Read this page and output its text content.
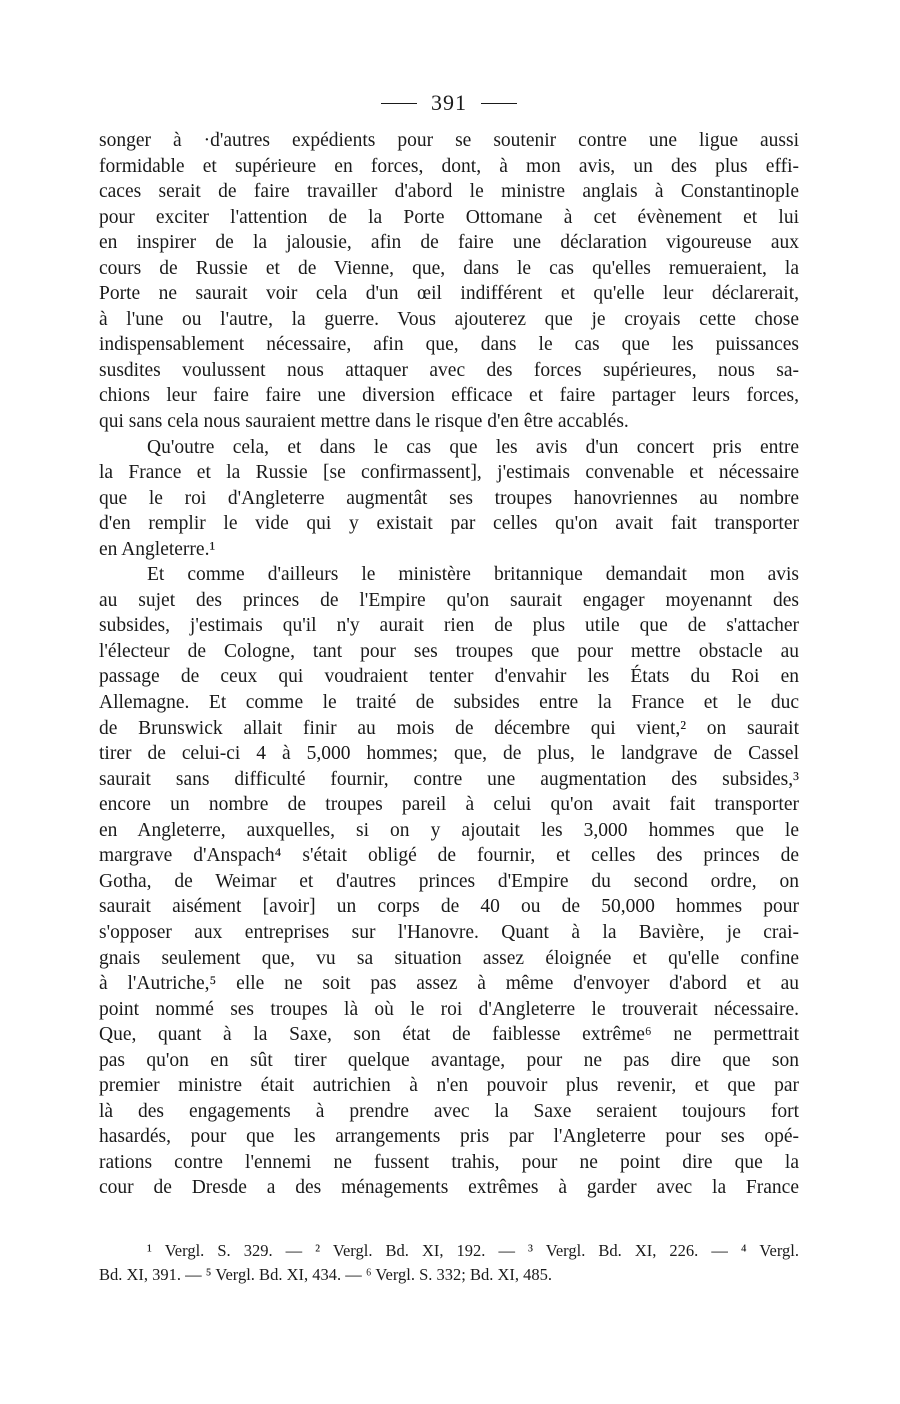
391
songer à ·d'autres expédients pour se soutenir contre une ligue aussi
formidable et supérieure en forces, dont, à mon avis, un des plus effi-
caces serait de faire travailler d'abord le ministre anglais à Constantinople
pour exciter l'attention de la Porte Ottomane à cet évènement et lui
en inspirer de la jalousie, afin de faire une déclaration vigoureuse aux
cours de Russie et de Vienne, que, dans le cas qu'elles remueraient, la
Porte ne saurait voir cela d'un œil indifférent et qu'elle leur déclarerait,
à l'une ou l'autre, la guerre. Vous ajouterez que je croyais cette chose
indispensablement nécessaire, afin que, dans le cas que les puissances
susdites voulussent nous attaquer avec des forces supérieures, nous sa-
chions leur faire faire une diversion efficace et faire partager leurs forces,
qui sans cela nous sauraient mettre dans le risque d'en être accablés.
Qu'outre cela, et dans le cas que les avis d'un concert pris entre
la France et la Russie [se confirmassent], j'estimais convenable et nécessaire
que le roi d'Angleterre augmentât ses troupes hanovriennes au nombre
d'en remplir le vide qui y existait par celles qu'on avait fait transporter
en Angleterre.¹
Et comme d'ailleurs le ministère britannique demandait mon avis
au sujet des princes de l'Empire qu'on saurait engager moyenannt des
subsides, j'estimais qu'il n'y aurait rien de plus utile que de s'attacher
l'électeur de Cologne, tant pour ses troupes que pour mettre obstacle au
passage de ceux qui voudraient tenter d'envahir les États du Roi en
Allemagne. Et comme le traité de subsides entre la France et le duc
de Brunswick allait finir au mois de décembre qui vient,² on saurait
tirer de celui-ci 4 à 5,000 hommes; que, de plus, le landgrave de Cassel
saurait sans difficulté fournir, contre une augmentation des subsides,³
encore un nombre de troupes pareil à celui qu'on avait fait transporter
en Angleterre, auxquelles, si on y ajoutait les 3,000 hommes que le
margrave d'Anspach⁴ s'était obligé de fournir, et celles des princes de
Gotha, de Weimar et d'autres princes d'Empire du second ordre, on
saurait aisément [avoir] un corps de 40 ou de 50,000 hommes pour
s'opposer aux entreprises sur l'Hanovre. Quant à la Bavière, je crai-
gnais seulement que, vu sa situation assez éloignée et qu'elle confine
à l'Autriche,⁵ elle ne soit pas assez à même d'envoyer d'abord et au
point nommé ses troupes là où le roi d'Angleterre le trouverait nécessaire.
Que, quant à la Saxe, son état de faiblesse extrême⁶ ne permettrait
pas qu'on en sût tirer quelque avantage, pour ne pas dire que son
premier ministre était autrichien à n'en pouvoir plus revenir, et que par
là des engagements à prendre avec la Saxe seraient toujours fort
hasardés, pour que les arrangements pris par l'Angleterre pour ses opé-
rations contre l'ennemi ne fussent trahis, pour ne point dire que la
cour de Dresde a des ménagements extrêmes à garder avec la France
¹ Vergl. S. 329. — ² Vergl. Bd. XI, 192. — ³ Vergl. Bd. XI, 226. — ⁴ Vergl.
Bd. XI, 391. — ⁵ Vergl. Bd. XI, 434. — ⁶ Vergl. S. 332; Bd. XI, 485.
